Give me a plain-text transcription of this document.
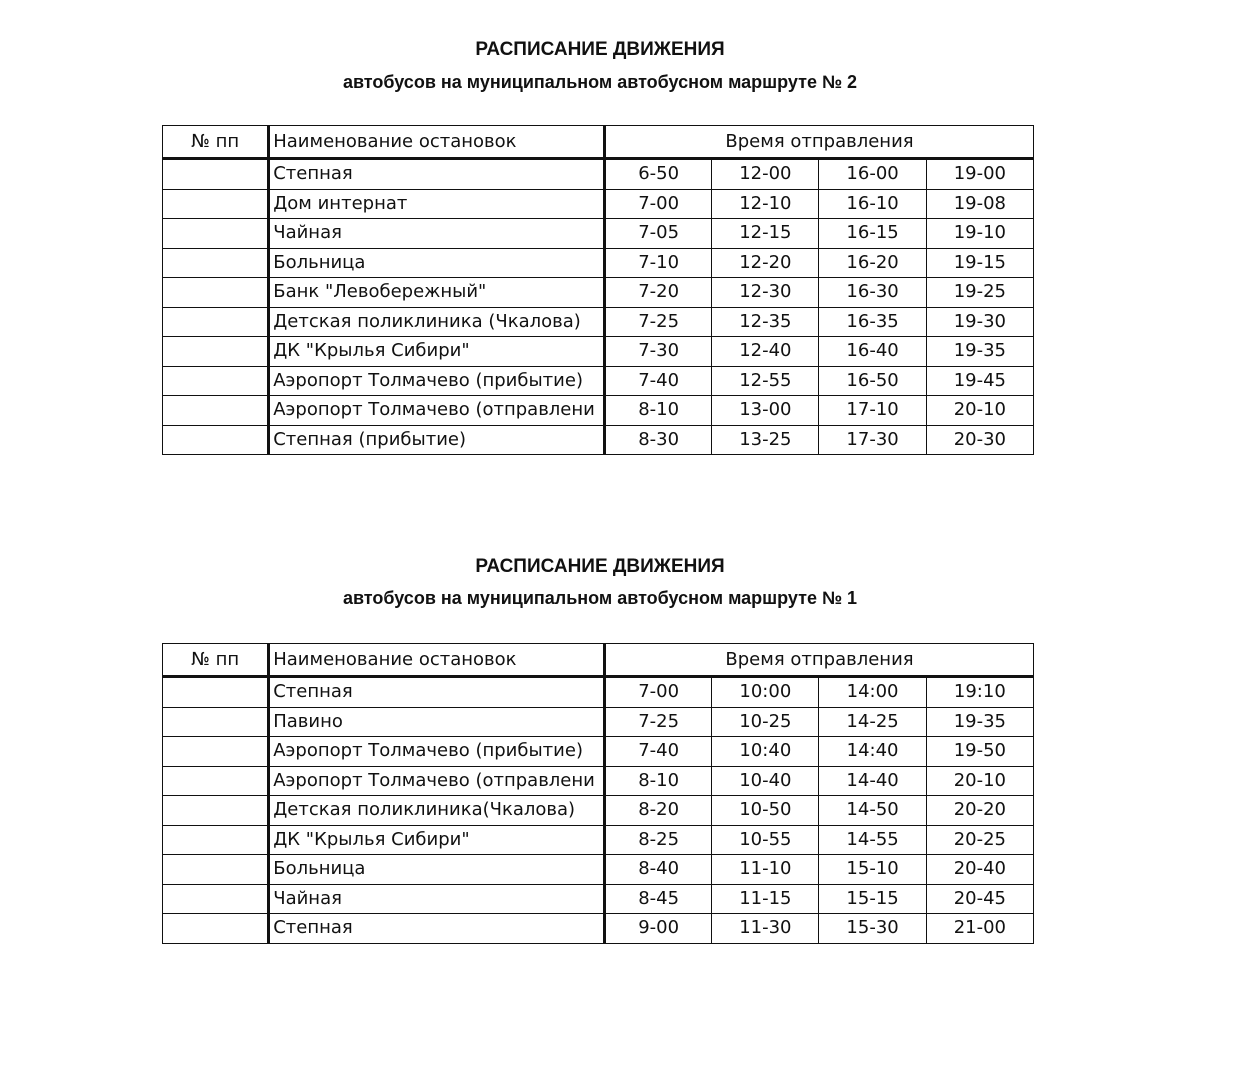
РАСПИСАНИЕ ДВИЖЕНИЯ
автобусов на муниципальном автобусном маршруте № 2
№ пп	Наименование остановок	Время отправления			
	Степная	6-50	12-00	16-00	19-00
	Дом интернат	7-00	12-10	16-10	19-08
	Чайная	7-05	12-15	16-15	19-10
	Больница	7-10	12-20	16-20	19-15
	Банк "Левобережный"	7-20	12-30	16-30	19-25
	Детская поликлиника (Чкалова)	7-25	12-35	16-35	19-30
	ДК "Крылья Сибири"	7-30	12-40	16-40	19-35
	Аэропорт Толмачево (прибытие)	7-40	12-55	16-50	19-45
	Аэропорт Толмачево (отправлени	8-10	13-00	17-10	20-10
	Степная (прибытие)	8-30	13-25	17-30	20-30
РАСПИСАНИЕ ДВИЖЕНИЯ
автобусов на муниципальном автобусном маршруте № 1
№ пп	Наименование остановок	Время отправления			
	Степная	7-00	10:00	14:00	19:10
	Павино	7-25	10-25	14-25	19-35
	Аэропорт Толмачево (прибытие)	7-40	10:40	14:40	19-50
	Аэропорт Толмачево (отправлени	8-10	10-40	14-40	20-10
	Детская поликлиника(Чкалова)	8-20	10-50	14-50	20-20
	ДК "Крылья Сибири"	8-25	10-55	14-55	20-25
	Больница	8-40	11-10	15-10	20-40
	Чайная	8-45	11-15	15-15	20-45
	Степная	9-00	11-30	15-30	21-00
